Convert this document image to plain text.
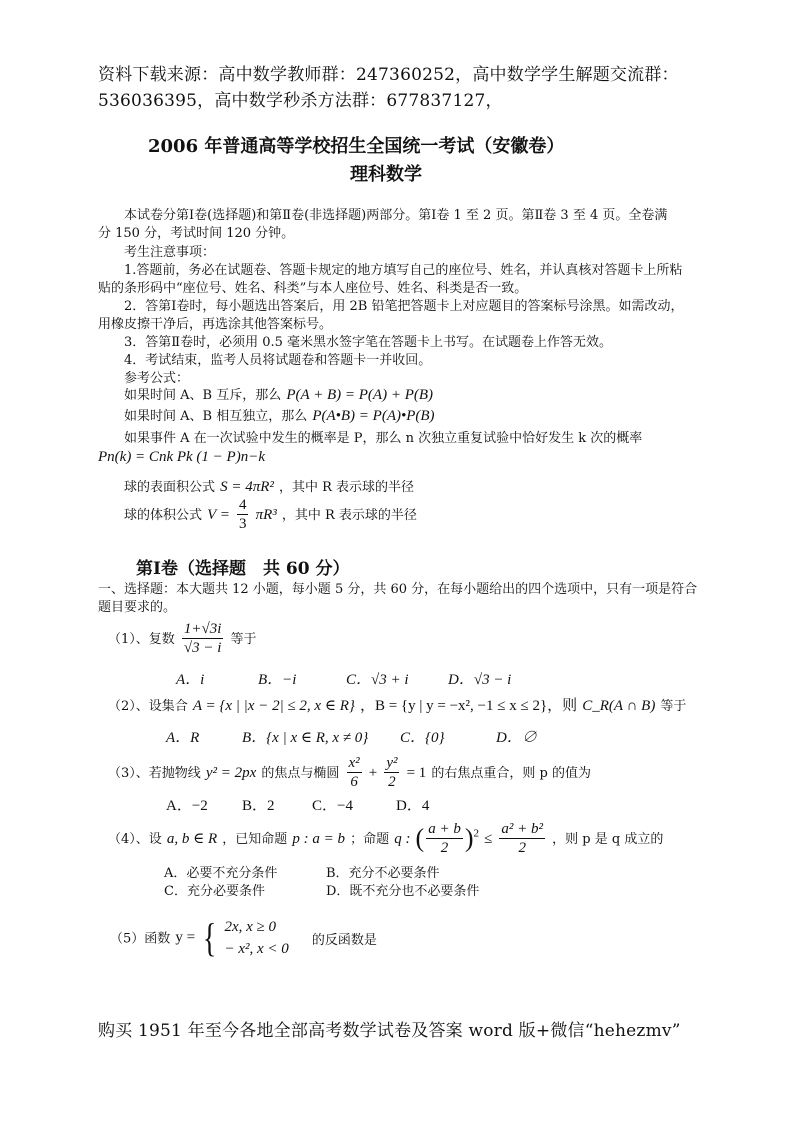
资料下载来源：高中数学教师群：247360252，高中数学学生解题交流群：
536036395，高中数学秒杀方法群：677837127，
2006 年普通高等学校招生全国统一考试（安徽卷）
理科数学
本试卷分第Ⅰ卷(选择题)和第Ⅱ卷(非选择题)两部分。第Ⅰ卷 1 至 2 页。第Ⅱ卷 3 至 4 页。全卷满
分 150 分，考试时间 120 分钟。
考生注意事项：
1.答题前，务必在试题卷、答题卡规定的地方填写自己的座位号、姓名，并认真核对答题卡上所粘
贴的条形码中“座位号、姓名、科类”与本人座位号、姓名、科类是否一致。
2．答第Ⅰ卷时，每小题选出答案后，用 2B 铅笔把答题卡上对应题目的答案标号涂黑。如需改动，
用橡皮擦干净后，再选涂其他答案标号。
3．答第Ⅱ卷时，必须用 0.5 毫米黑水签字笔在答题卡上书写。在试题卷上作答无效。
4．考试结束，监考人员将试题卷和答题卡一并收回。
参考公式：
如果时间 A、B 互斥，那么 P(A + B) = P(A) + P(B)
如果时间 A、B 相互独立，那么 P(A•B) = P(A)•P(B)
如果事件 A 在一次试验中发生的概率是 P，那么 n 次独立重复试验中恰好发生 k 次的概率
Pn(k) = Cnk Pk (1 − P)n−k
球的表面积公式 S = 4πR² ，其中 R 表示球的半径
球的体积公式 $V = \frac{4}{3} \pi R^3$ ，其中 R 表示球的半径
第Ⅰ卷（选择题　共 60 分）
一、选择题：本大题共 12 小题，每小题 5 分，共 60 分，在每小题给出的四个选项中，只有一项是符合
题目要求的。
（1）、复数 $\frac{1+√3i}{√3 - i}$ 等于
A．i	B．−i	C．√3 + i	D．√3 − i
（2）、设集合 A = {x | |x − 2| ≤ 2, x ∈ R} ，B = {y | y = −x², −1 ≤ x ≤ 2}，则 C_R(A ∩ B) 等于
A．R	B．{x | x ∈ R, x ≠ 0} C．{0}	D．∅
（3）、若抛物线 y² = 2px 的焦点与椭圆 $\frac{\text{x²}}{6} + \frac{\text{y²}}{2} = 1$ 的右焦点重合，则 p 的值为
A．−2 B．2 C．−4	D．4
（4）、设 a, b ∈ R ，已知命题 p : a = b ；命题 q : ( $\frac{a + b}{2} )^2 \le \frac{\text{a² + b²}}{2}$ ，则 p 是 q 成立的
A．必要不充分条件	B．充分不必要条件
C．充分必要条件	D．既不充分也不必要条件
（5）函数 y = { 2x, x ≥ 0
− x², x < 0
的反函数是
购买 1951 年至今各地全部高考数学试卷及答案 word 版+微信“hehezmv”
